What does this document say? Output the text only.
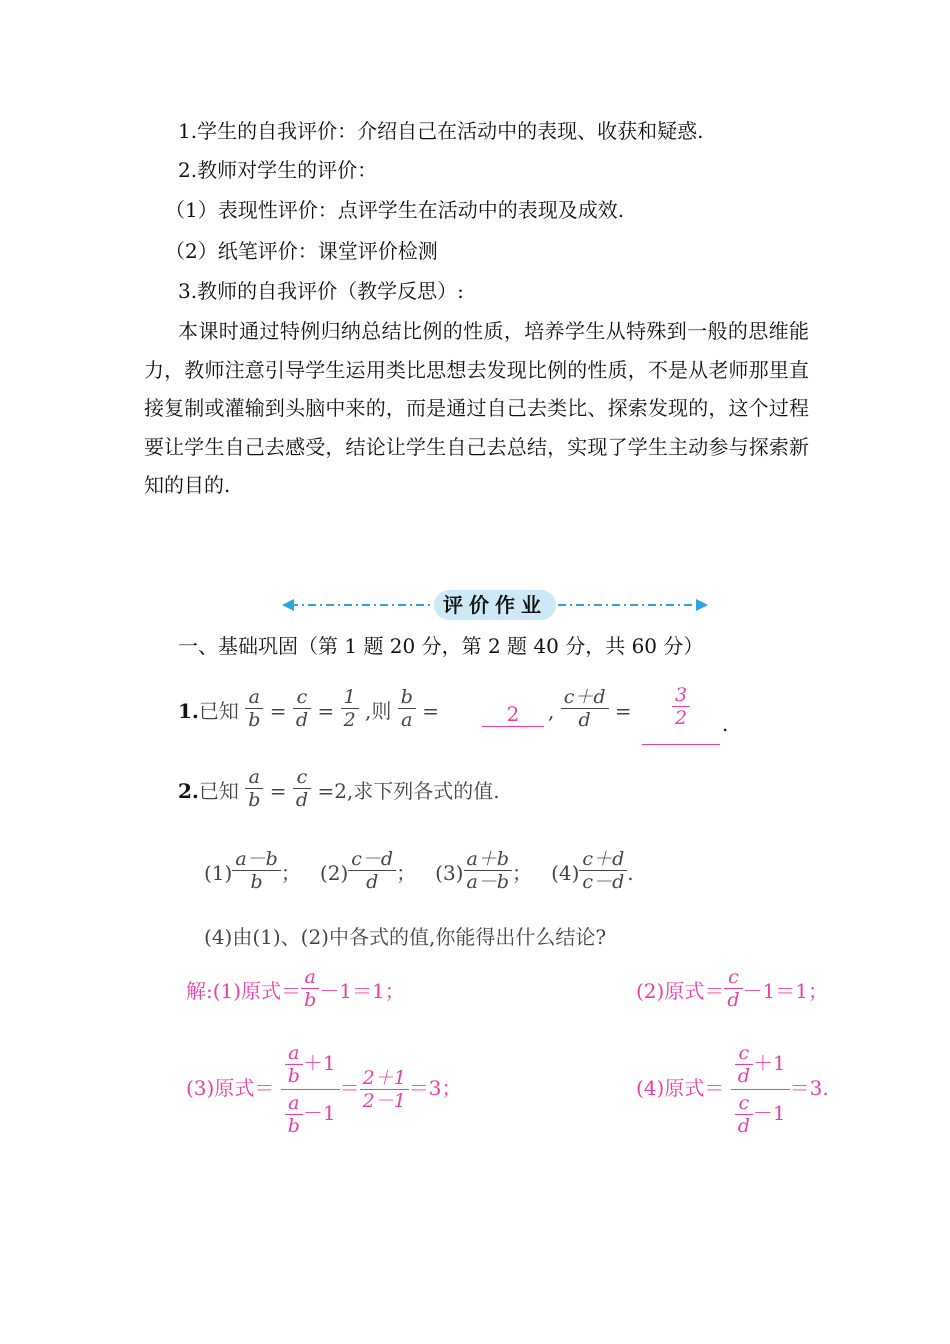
1.学生的自我评价：介绍自己在活动中的表现、收获和疑惑.
2.教师对学生的评价：
（1）表现性评价：点评学生在活动中的表现及成效.
（2）纸笔评价：课堂评价检测
3.教师的自我评价（教学反思）:
本课时通过特例归纳总结比例的性质，培养学生从特殊到一般的思维能力，教师注意引导学生运用类比思想去发现比例的性质，不是从老师那里直接复制或灌输到头脑中来的，而是通过自己去类比、探索发现的，这个过程要让学生自己去感受，结论让学生自己去总结，实现了学生主动参与探索新知的目的.
评价作业
一、基础巩固（第 1 题 20 分，第 2 题 40 分，共 60 分）
1.已知 $\frac{a}{b} = \frac{c}{d} = \frac{1}{2}$ ,则 $\frac{b}{a}$ =	2	, $\frac{c+d}{d} = \frac{3}{2}$ .
2.已知 $\frac{a}{b} = \frac{c}{d} =2$,求下列各式的值.
$(1) \frac{a-b}{b}$ ； $(2) \frac{c-d}{d}$ ； $(3) \frac{a+b}{a-b}$ ； $(4) \frac{c+d}{c-d}$ .
(4)由(1)、(2)中各式的值,你能得出什么结论?
解:(1)原式＝ $\frac{a}{b} -1=1$；	(2)原式＝ $\frac{c}{d} -1=1$；
(3)原式＝ $\frac{\frac{a}{b} +1}{\frac{a}{b} -1} = \frac{2+1}{2-1} =3$；	(4)原式＝ $\frac{\frac{c}{d} +1}{\frac{c}{d} -1} =3$.
